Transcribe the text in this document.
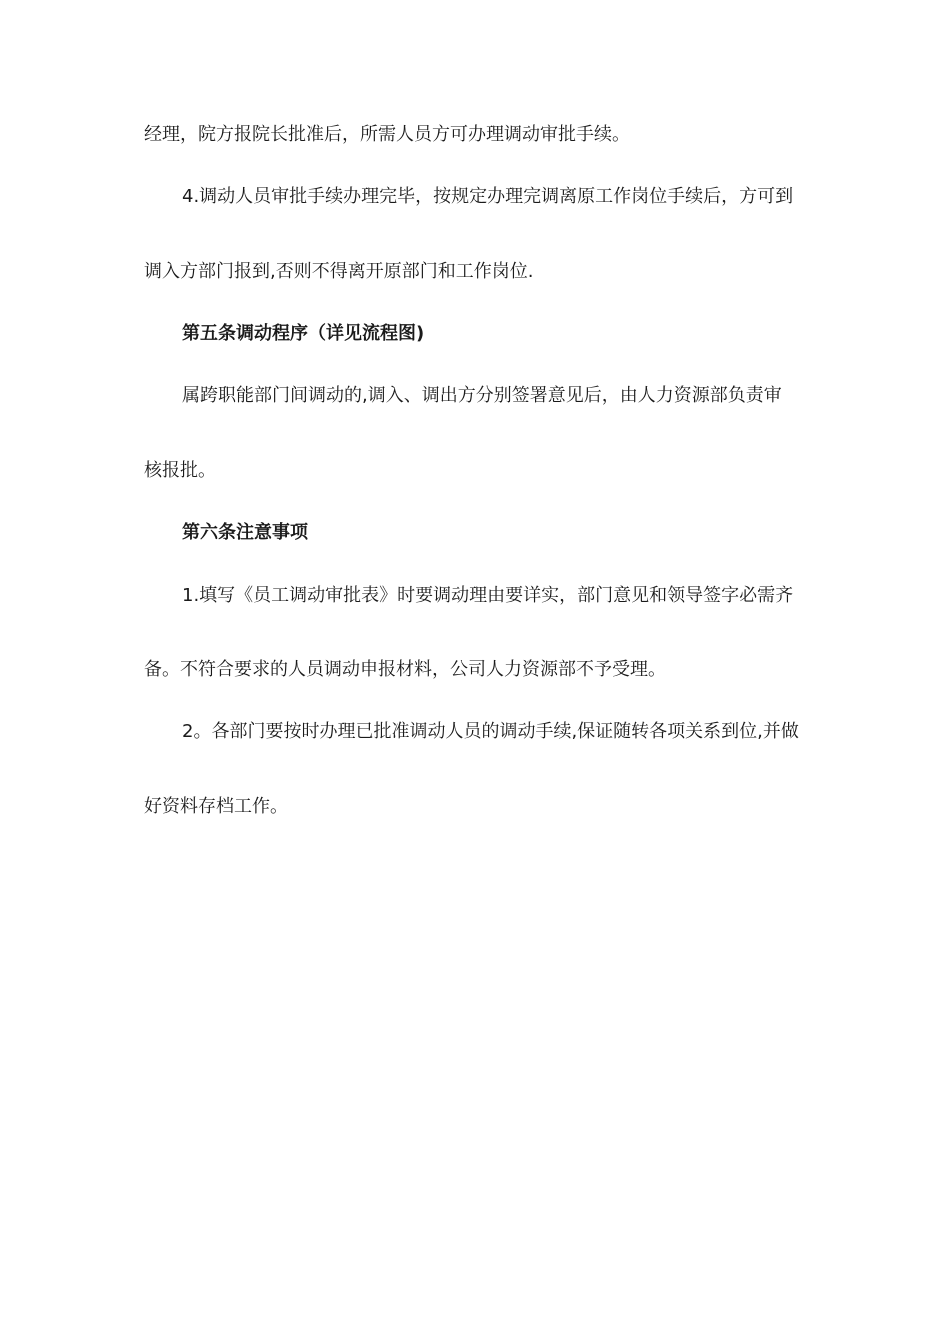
经理，院方报院长批准后，所需人员方可办理调动审批手续。
4.调动人员审批手续办理完毕，按规定办理完调离原工作岗位手续后，方可到
调入方部门报到,否则不得离开原部门和工作岗位.
第五条调动程序（详见流程图)
属跨职能部门间调动的,调入、调出方分别签署意见后，由人力资源部负责审
核报批。
第六条注意事项
1.填写《员工调动审批表》时要调动理由要详实，部门意见和领导签字必需齐
备。不符合要求的人员调动申报材料，公司人力资源部不予受理。
2。各部门要按时办理已批准调动人员的调动手续,保证随转各项关系到位,并做
好资料存档工作。
